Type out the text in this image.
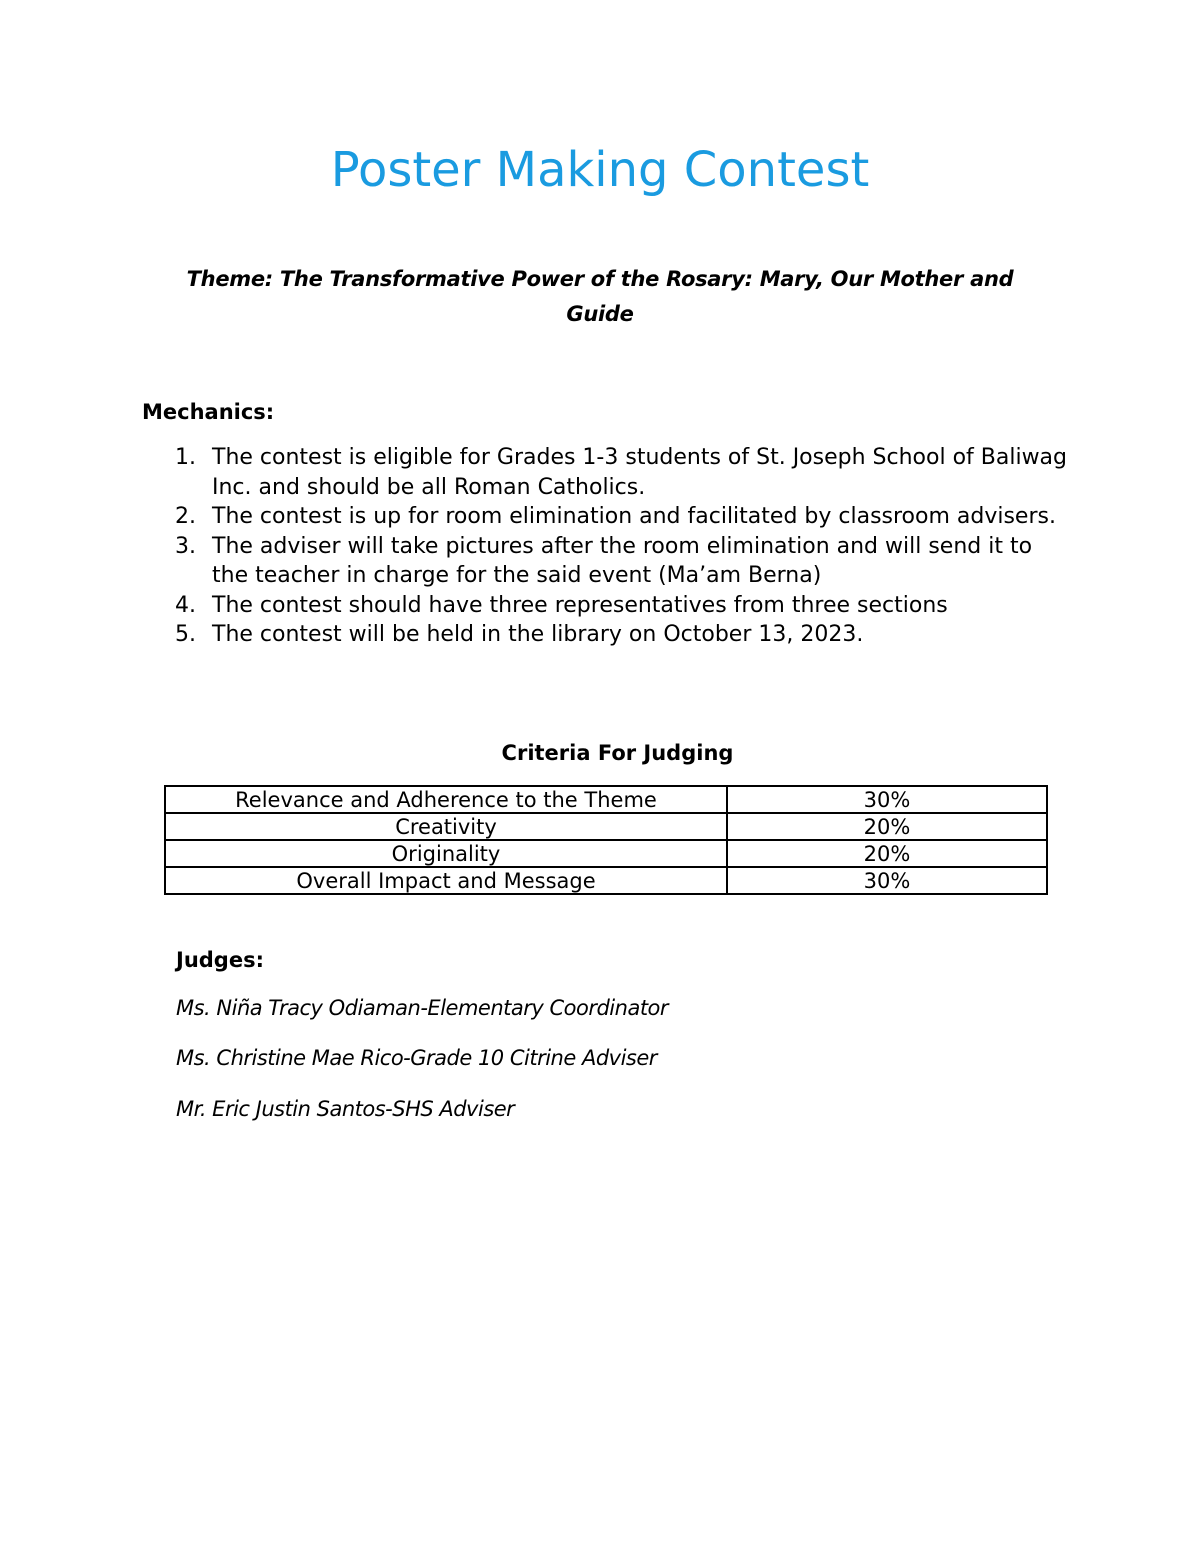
Poster Making Contest
Theme: The Transformative Power of the Rosary: Mary, Our Mother and Guide
Mechanics:
1. The contest is eligible for Grades 1-3 students of St. Joseph School of Baliwag Inc. and should be all Roman Catholics.
2. The contest is up for room elimination and facilitated by classroom advisers.
3. The adviser will take pictures after the room elimination and will send it to the teacher in charge for the said event (Ma’am Berna)
4. The contest should have three representatives from three sections
5. The contest will be held in the library on October 13, 2023.
Criteria For Judging
Relevance and Adherence to the Theme	30%
Creativity	20%
Originality	20%
Overall Impact and Message	30%
Judges:
Ms. Niña Tracy Odiaman-Elementary Coordinator
Ms. Christine Mae Rico-Grade 10 Citrine Adviser
Mr. Eric Justin Santos-SHS Adviser
